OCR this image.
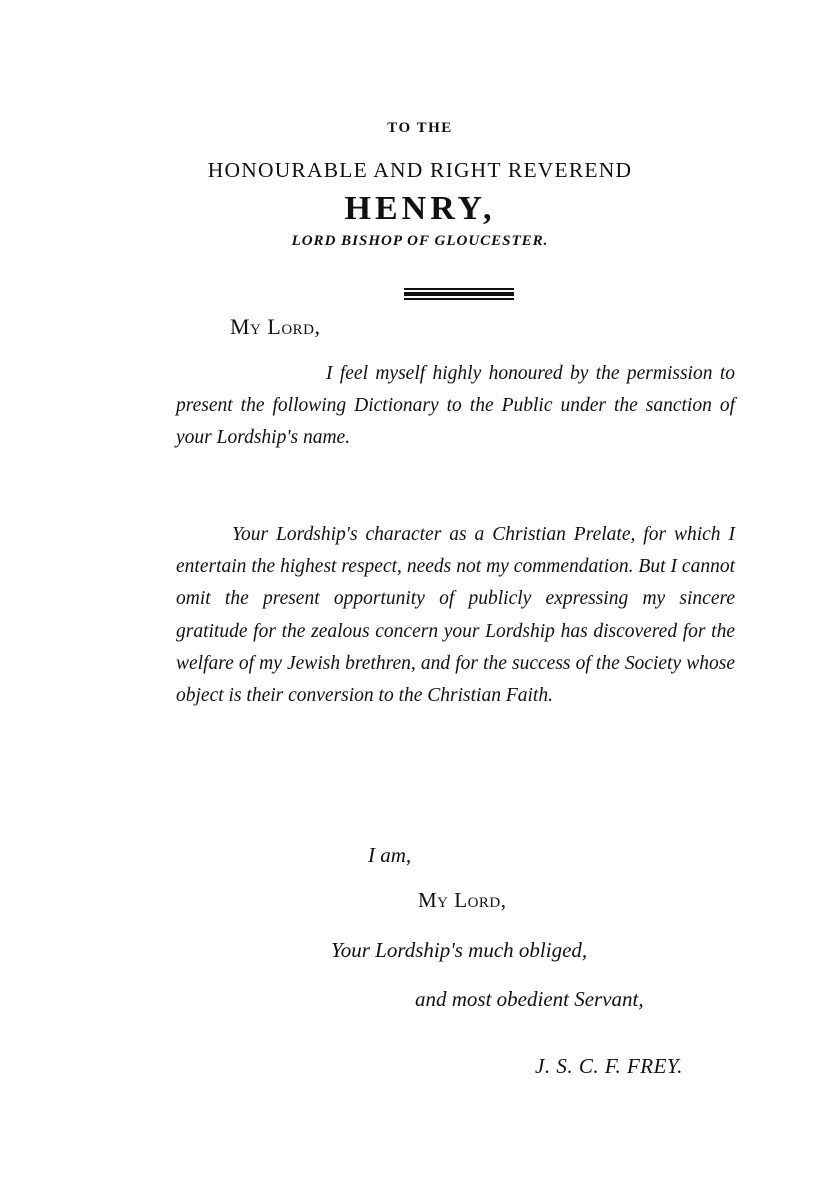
TO THE
HONOURABLE AND RIGHT REVEREND
HENRY,
LORD BISHOP OF GLOUCESTER.
My Lord,
I feel myself highly honoured by the permission to present the following Dictionary to the Public under the sanction of your Lordship's name.
Your Lordship's character as a Christian Prelate, for which I entertain the highest respect, needs not my commendation. But I cannot omit the present opportunity of publicly expressing my sincere gratitude for the zealous concern your Lordship has discovered for the welfare of my Jewish brethren, and for the success of the Society whose object is their conversion to the Christian Faith.
I am,
My Lord,
Your Lordship's much obliged,
and most obedient Servant,
J. S. C. F. FREY.
